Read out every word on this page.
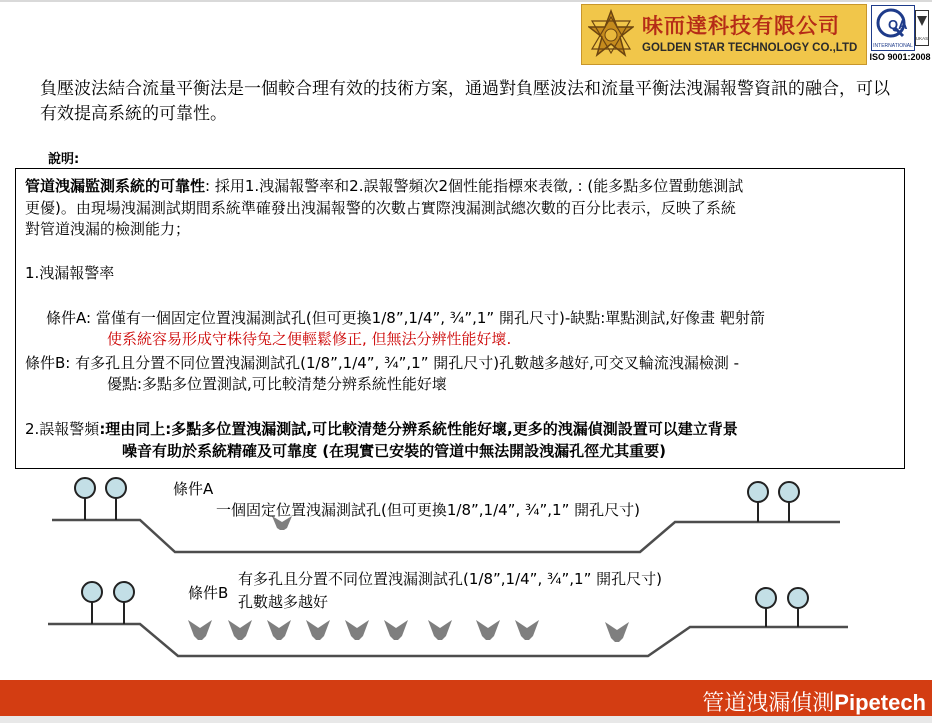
味而達科技有限公司
GOLDEN STAR TECHNOLOGY CO.,LTD
QA
INTERNATIONAL
UKAS
ISO 9001:2008
負壓波法結合流量平衡法是一個較合理有效的技術方案，通過對負壓波法和流量平衡法洩漏報警資訊的融合，可以有效提高系統的可靠性。
說明:
管道洩漏監測系統的可靠性: 採用1.洩漏報警率和2.誤報警頻次2個性能指標來表徵, : (能多點多位置動態測試
更優)。由現場洩漏測試期間系統準確發出洩漏報警的次數占實際洩漏測試總次數的百分比表示，反映了系統
對管道洩漏的檢測能力；
1.洩漏報警率
條件A: 當僅有一個固定位置洩漏測試孔(但可更換1/8”,1/4”, ¾”,1” 開孔尺寸)-缺點:單點測試,好像畫 靶射箭
使系統容易形成守株待兔之便輕鬆修正, 但無法分辨性能好壞.
條件B: 有多孔且分置不同位置洩漏測試孔(1/8”,1/4”, ¾”,1” 開孔尺寸)孔數越多越好,可交叉輪流洩漏檢測 -
優點:多點多位置測試,可比較清楚分辨系統性能好壞
2.誤報警頻:理由同上:多點多位置洩漏測試,可比較清楚分辨系統性能好壞,更多的洩漏偵測設置可以建立背景
噪音有助於系統精確及可靠度 (在現實已安裝的管道中無法開設洩漏孔徑尤其重要)
條件A
一個固定位置洩漏測試孔(但可更換1/8”,1/4”, ¾”,1” 開孔尺寸)
有多孔且分置不同位置洩漏測試孔(1/8”,1/4”, ¾”,1” 開孔尺寸)
條件B 孔數越多越好
管道洩漏偵測Pipetech
